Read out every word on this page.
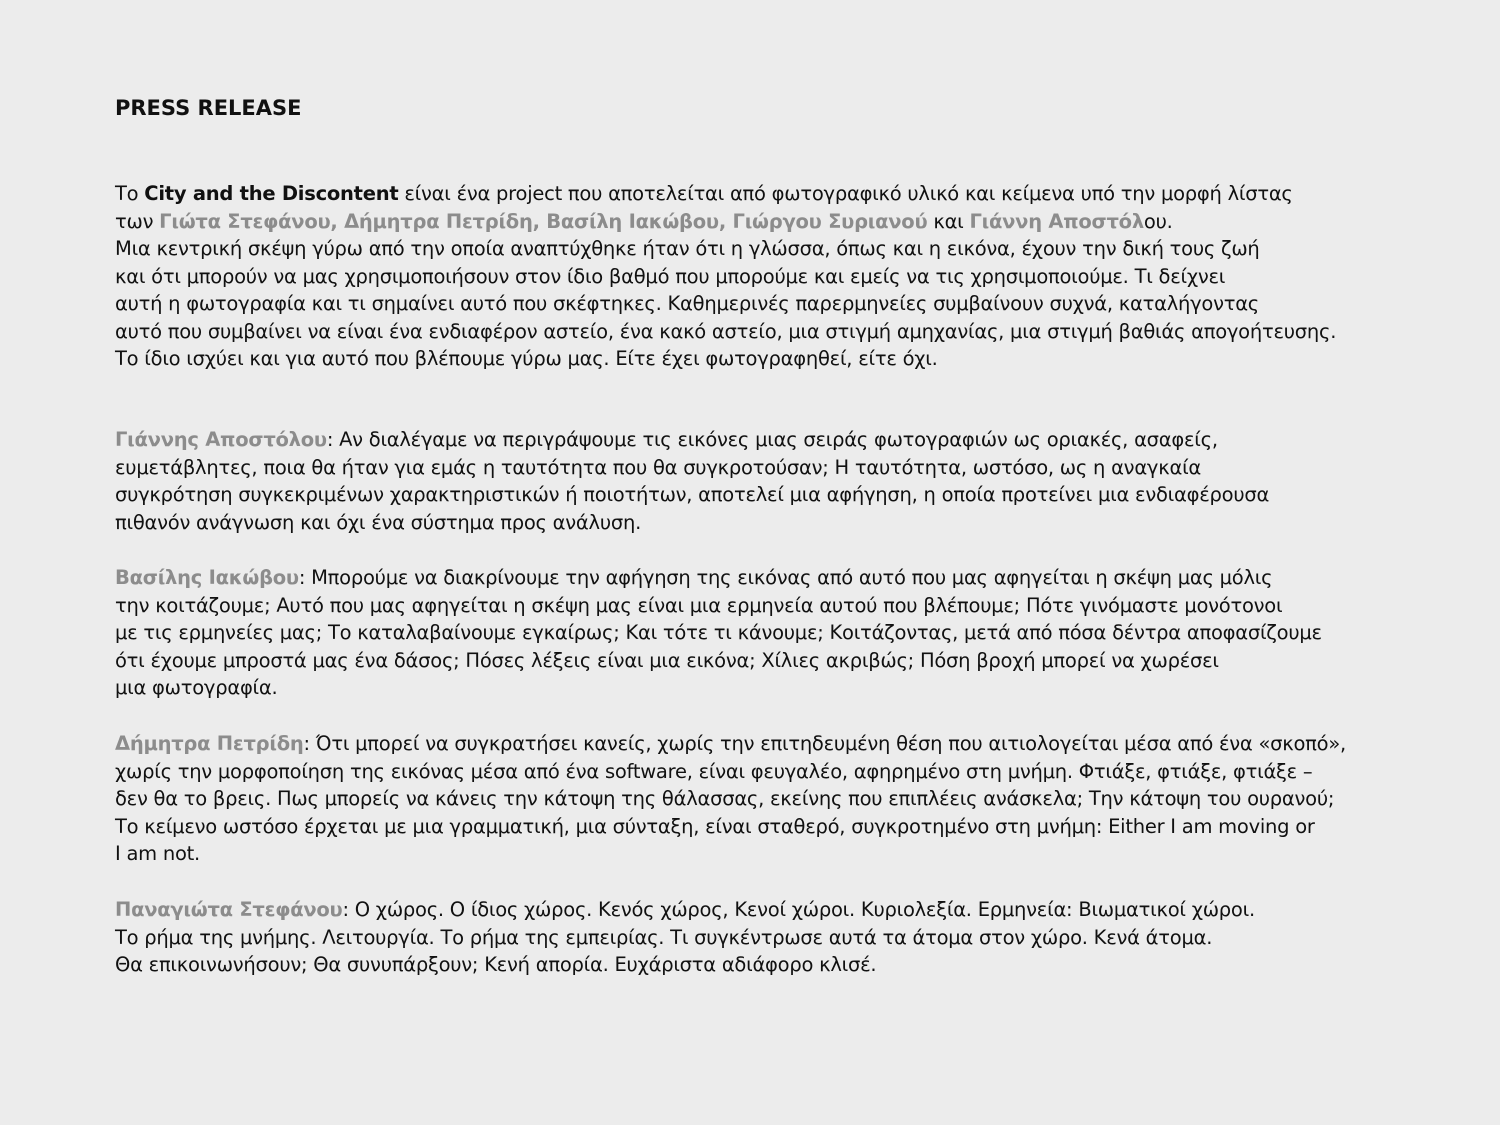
PRESS RELEASE
Το City and the Discontent είναι ένα project που αποτελείται από φωτογραφικό υλικό και κείμενα υπό την μορφή λίστας
των Γιώτα Στεφάνου, Δήμητρα Πετρίδη, Βασίλη Ιακώβου, Γιώργου Συριανού και Γιάννη Αποστόλου.
Μια κεντρική σκέψη γύρω από την οποία αναπτύχθηκε ήταν ότι η γλώσσα, όπως και η εικόνα, έχουν την δική τους ζωή
και ότι μπορούν να μας χρησιμοποιήσουν στον ίδιο βαθμό που μπορούμε και εμείς να τις χρησιμοποιούμε. Τι δείχνει
αυτή η φωτογραφία και τι σημαίνει αυτό που σκέφτηκες. Καθημερινές παρερμηνείες συμβαίνουν συχνά, καταλήγοντας
αυτό που συμβαίνει να είναι ένα ενδιαφέρον αστείο, ένα κακό αστείο, μια στιγμή αμηχανίας, μια στιγμή βαθιάς απογοήτευσης.
Το ίδιο ισχύει και για αυτό που βλέπουμε γύρω μας. Είτε έχει φωτογραφηθεί, είτε όχι.
Γιάννης Αποστόλου: Αν διαλέγαμε να περιγράψουμε τις εικόνες μιας σειράς φωτογραφιών ως οριακές, ασαφείς,
ευμετάβλητες, ποια θα ήταν για εμάς η ταυτότητα που θα συγκροτούσαν; Η ταυτότητα, ωστόσο, ως η αναγκαία
συγκρότηση συγκεκριμένων χαρακτηριστικών ή ποιοτήτων, αποτελεί μια αφήγηση, η οποία προτείνει μια ενδιαφέρουσα
πιθανόν ανάγνωση και όχι ένα σύστημα προς ανάλυση.
Βασίλης Ιακώβου: Μπορούμε να διακρίνουμε την αφήγηση της εικόνας από αυτό που μας αφηγείται η σκέψη μας μόλις
την κοιτάζουμε; Αυτό που μας αφηγείται η σκέψη μας είναι μια ερμηνεία αυτού που βλέπουμε; Πότε γινόμαστε μονότονοι
με τις ερμηνείες μας; Το καταλαβαίνουμε εγκαίρως; Και τότε τι κάνουμε; Κοιτάζοντας, μετά από πόσα δέντρα αποφασίζουμε
ότι έχουμε μπροστά μας ένα δάσος; Πόσες λέξεις είναι μια εικόνα; Χίλιες ακριβώς; Πόση βροχή μπορεί να χωρέσει
μια φωτογραφία.
Δήμητρα Πετρίδη: Ότι μπορεί να συγκρατήσει κανείς, χωρίς την επιτηδευμένη θέση που αιτιολογείται μέσα από ένα «σκοπό»,
χωρίς την μορφοποίηση της εικόνας μέσα από ένα software, είναι φευγαλέο, αφηρημένο στη μνήμη. Φτιάξε, φτιάξε, φτιάξε –
δεν θα το βρεις. Πως μπορείς να κάνεις την κάτοψη της θάλασσας, εκείνης που επιπλέεις ανάσκελα; Την κάτοψη του ουρανού;
Το κείμενο ωστόσο έρχεται με μια γραμματική, μια σύνταξη, είναι σταθερό, συγκροτημένο στη μνήμη: Either I am moving or
I am not.
Παναγιώτα Στεφάνου: Ο χώρος. Ο ίδιος χώρος. Κενός χώρος, Κενοί χώροι. Κυριολεξία. Ερμηνεία: Βιωματικοί χώροι.
Το ρήμα της μνήμης. Λειτουργία. Το ρήμα της εμπειρίας. Τι συγκέντρωσε αυτά τα άτομα στον χώρο. Κενά άτομα.
Θα επικοινωνήσουν; Θα συνυπάρξουν; Κενή απορία. Ευχάριστα αδιάφορο κλισέ.
